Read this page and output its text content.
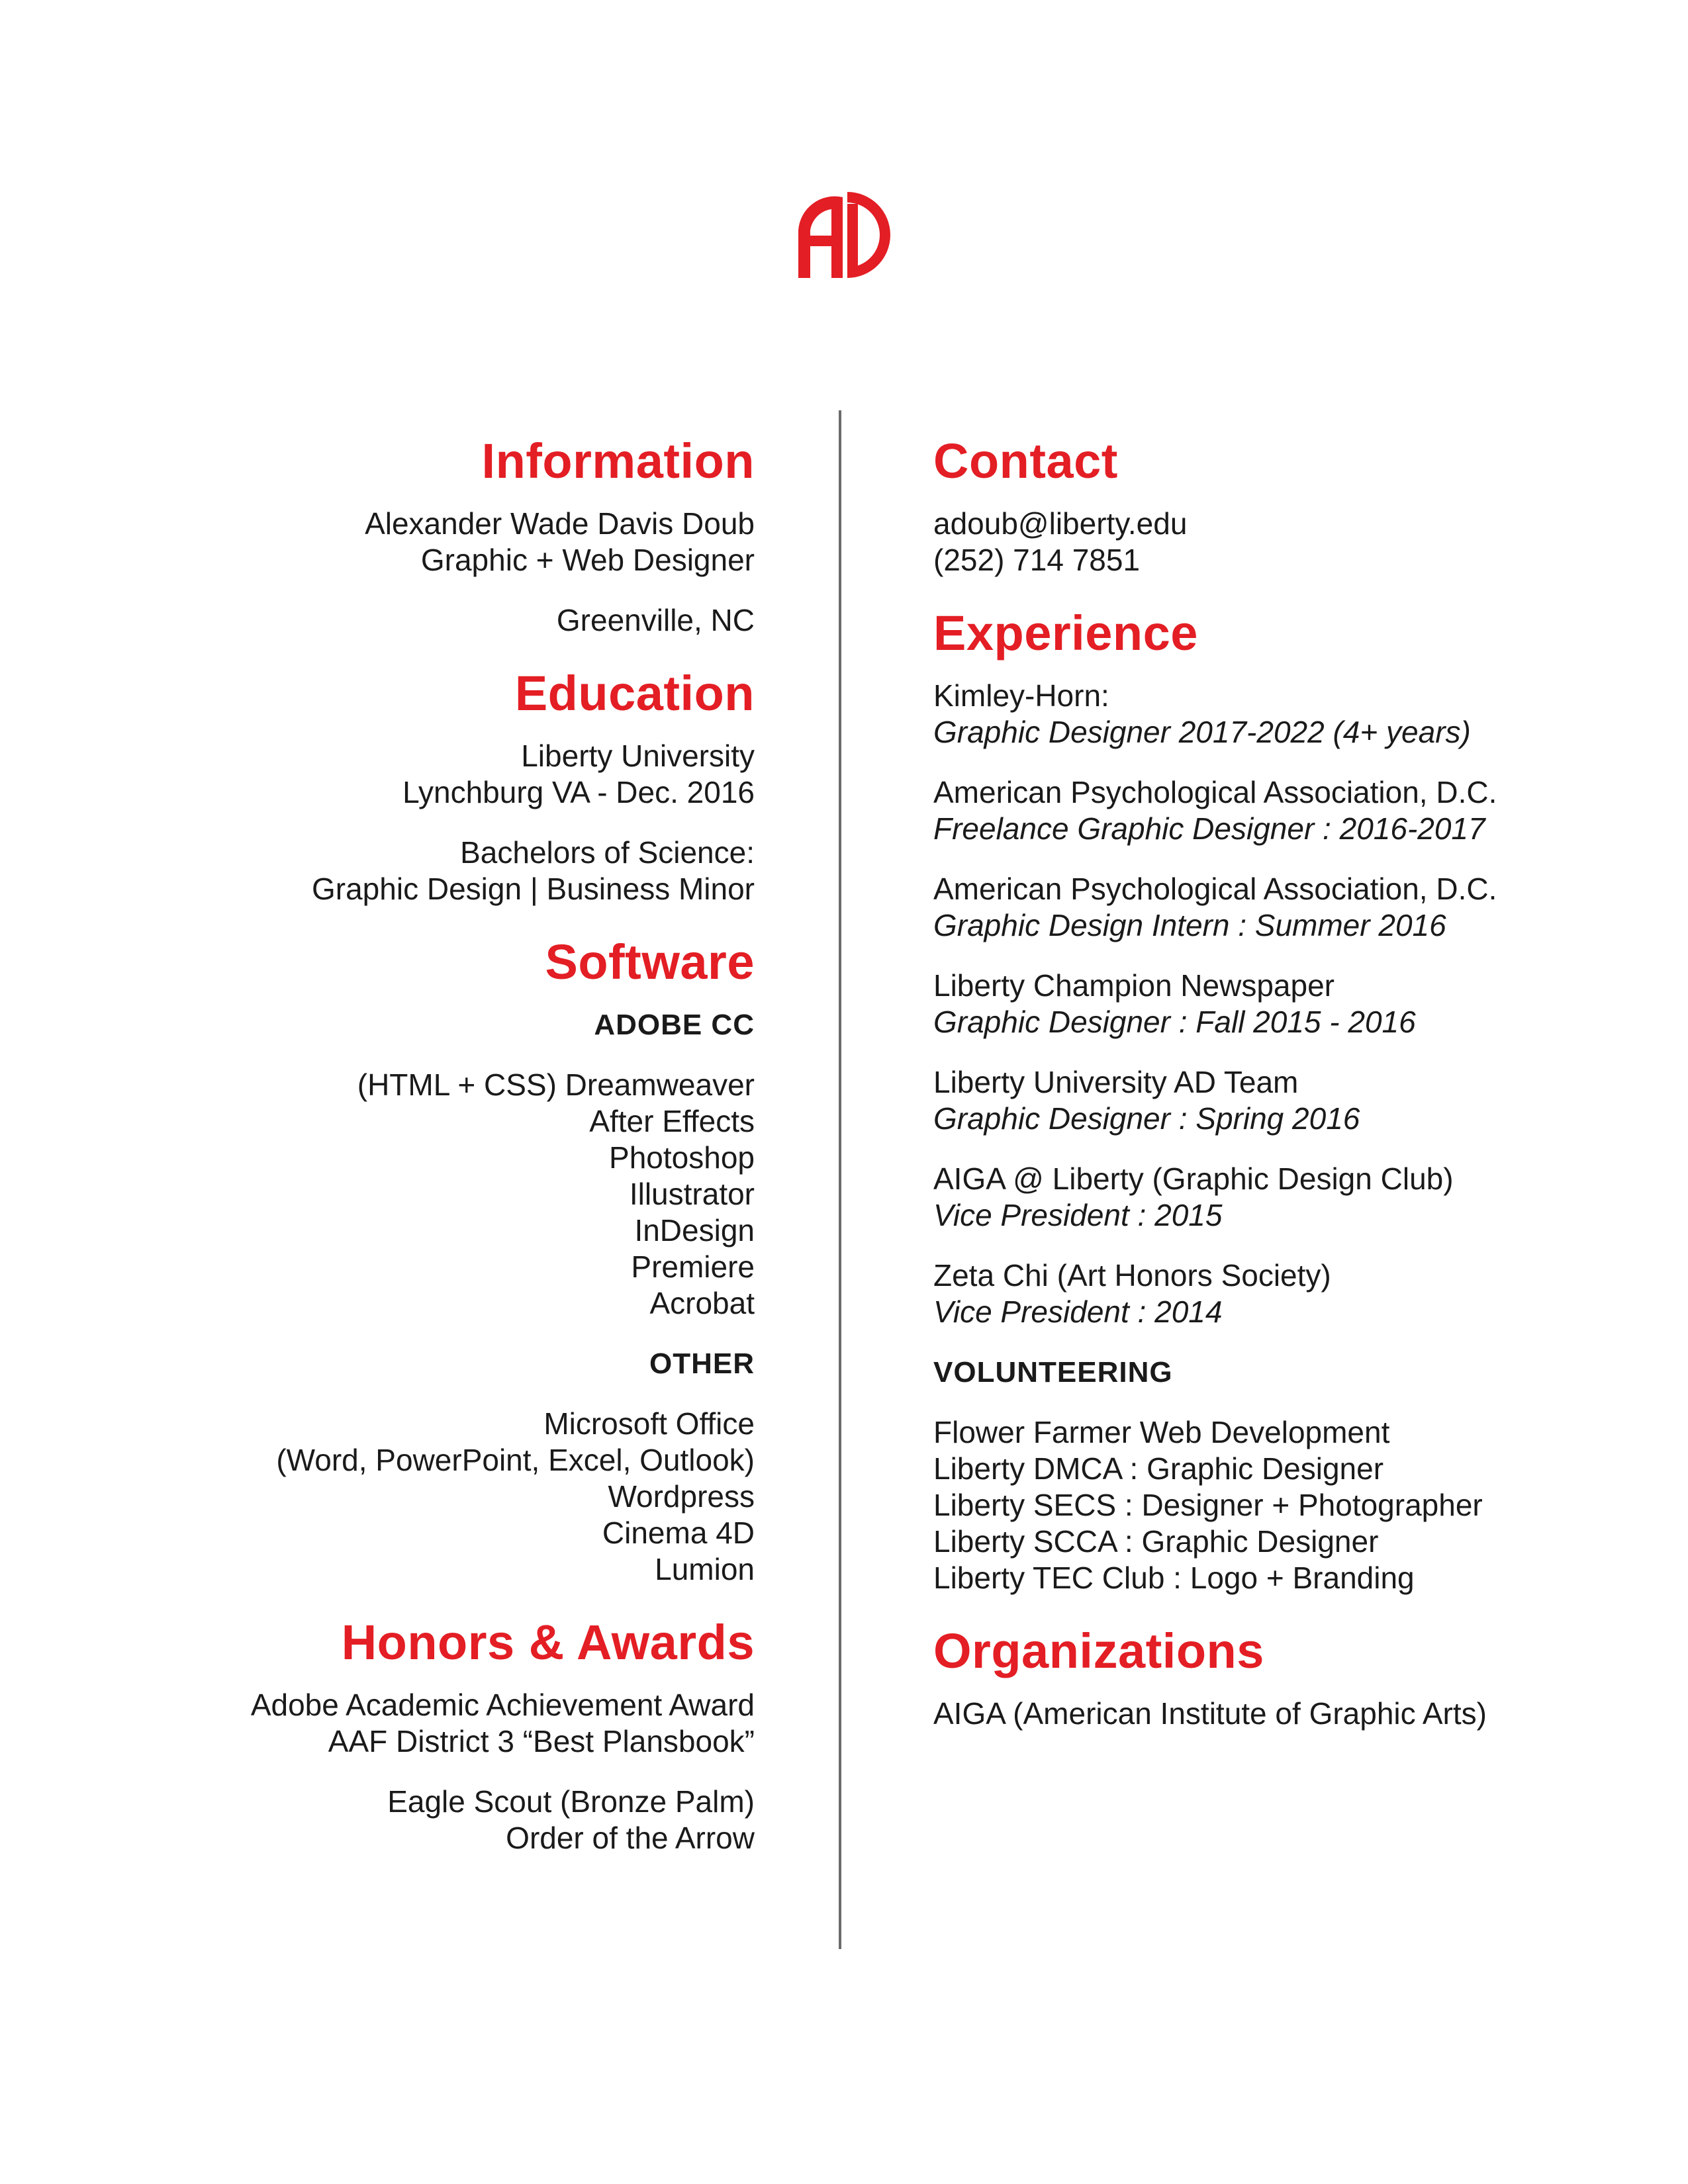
Information
Alexander Wade Davis Doub
Graphic + Web Designer
Greenville, NC
Education
Liberty University
Lynchburg VA - Dec. 2016
Bachelors of Science:
Graphic Design | Business Minor
Software
ADOBE CC
(HTML + CSS) Dreamweaver
After Effects
Photoshop
Illustrator
InDesign
Premiere
Acrobat
OTHER
Microsoft Office
(Word, PowerPoint, Excel, Outlook)
Wordpress
Cinema 4D
Lumion
Honors & Awards
Adobe Academic Achievement Award
AAF District 3 “Best Plansbook”
Eagle Scout (Bronze Palm)
Order of the Arrow
Contact
adoub@liberty.edu
(252) 714 7851
Experience
Kimley-Horn:
Graphic Designer 2017-2022 (4+ years)
American Psychological Association, D.C.
Freelance Graphic Designer : 2016-2017
American Psychological Association, D.C.
Graphic Design Intern : Summer 2016
Liberty Champion Newspaper
Graphic Designer : Fall 2015 - 2016
Liberty University AD Team
Graphic Designer : Spring 2016
AIGA @ Liberty (Graphic Design Club)
Vice President : 2015
Zeta Chi (Art Honors Society)
Vice President : 2014
VOLUNTEERING
Flower Farmer Web Development
Liberty DMCA : Graphic Designer
Liberty SECS : Designer + Photographer
Liberty SCCA : Graphic Designer
Liberty TEC Club : Logo + Branding
Organizations
AIGA (American Institute of Graphic Arts)
